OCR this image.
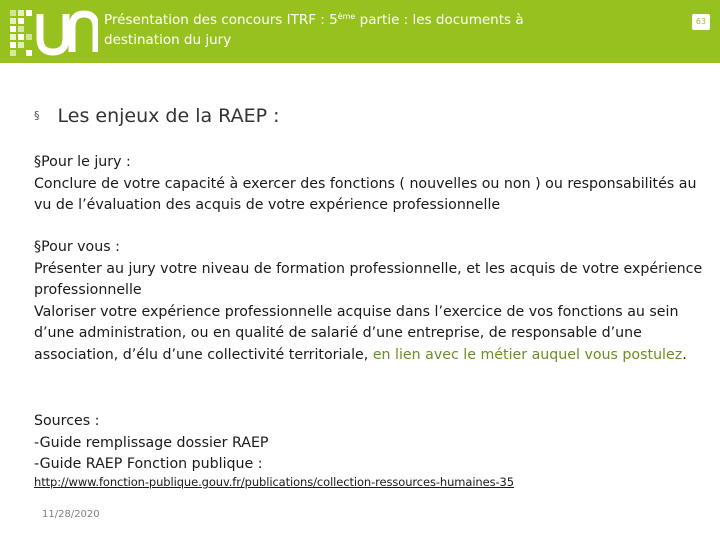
Présentation des concours ITRF : 5ème partie : les documents à destination du jury
63
§ Les enjeux de la RAEP :

§Pour le jury :

Conclure de votre capacité à exercer des fonctions ( nouvelles ou non ) ou responsabilités au vu de l’évaluation des acquis de votre expérience professionnelle

§Pour vous :

Présenter au jury votre niveau de formation professionnelle, et les acquis de votre expérience professionnelle

Valoriser votre expérience professionnelle acquise dans l’exercice de vos fonctions au sein d’une administration, ou en qualité de salarié d’une entreprise, de responsable d’une association, d’élu d’une collectivité territoriale, en lien avec le métier auquel vous postulez.

Sources :

-Guide remplissage dossier RAEP

-Guide RAEP Fonction publique :

http://www.fonction-publique.gouv.fr/publications/collection-ressources-humaines-35
11/28/2020
